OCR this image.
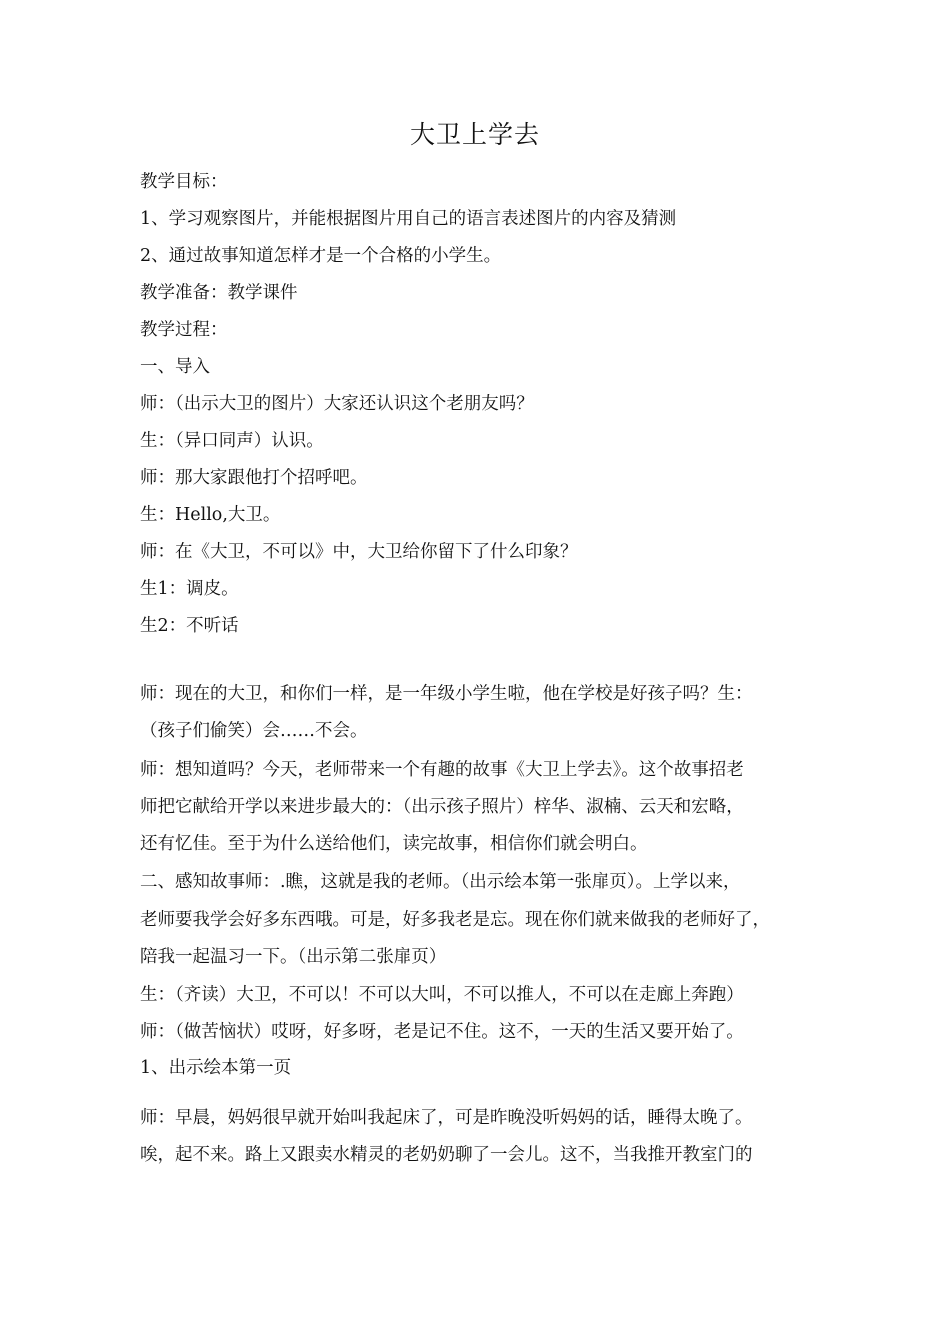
大卫上学去
教学目标：
1、学习观察图片，并能根据图片用自己的语言表述图片的内容及猜测
2、通过故事知道怎样才是一个合格的小学生。
教学准备：教学课件
教学过程：
一、导入
师：（出示大卫的图片）大家还认识这个老朋友吗？
生：（异口同声）认识。
师：那大家跟他打个招呼吧。
生：Hello,大卫。
师：在《大卫，不可以》中，大卫给你留下了什么印象？
生1：调皮。
生2：不听话
师：现在的大卫，和你们一样，是一年级小学生啦，他在学校是好孩子吗？生：
（孩子们偷笑）会……不会。
师：想知道吗？今天，老师带来一个有趣的故事《大卫上学去》。这个故事招老
师把它献给开学以来进步最大的：（出示孩子照片）梓华、淑楠、云天和宏略，
还有忆佳。至于为什么送给他们，读完故事，相信你们就会明白。
二、感知故事师：.瞧，这就是我的老师。（出示绘本第一张扉页）。上学以来，
老师要我学会好多东西哦。可是，好多我老是忘。现在你们就来做我的老师好了，
陪我一起温习一下。（出示第二张扉页）
生：（齐读）大卫，不可以！不可以大叫，不可以推人，不可以在走廊上奔跑）
师：（做苦恼状）哎呀，好多呀，老是记不住。这不，一天的生活又要开始了。
1、出示绘本第一页
师：早晨，妈妈很早就开始叫我起床了，可是昨晚没听妈妈的话，睡得太晚了。
唉，起不来。路上又跟卖水精灵的老奶奶聊了一会儿。这不，当我推开教室门的
